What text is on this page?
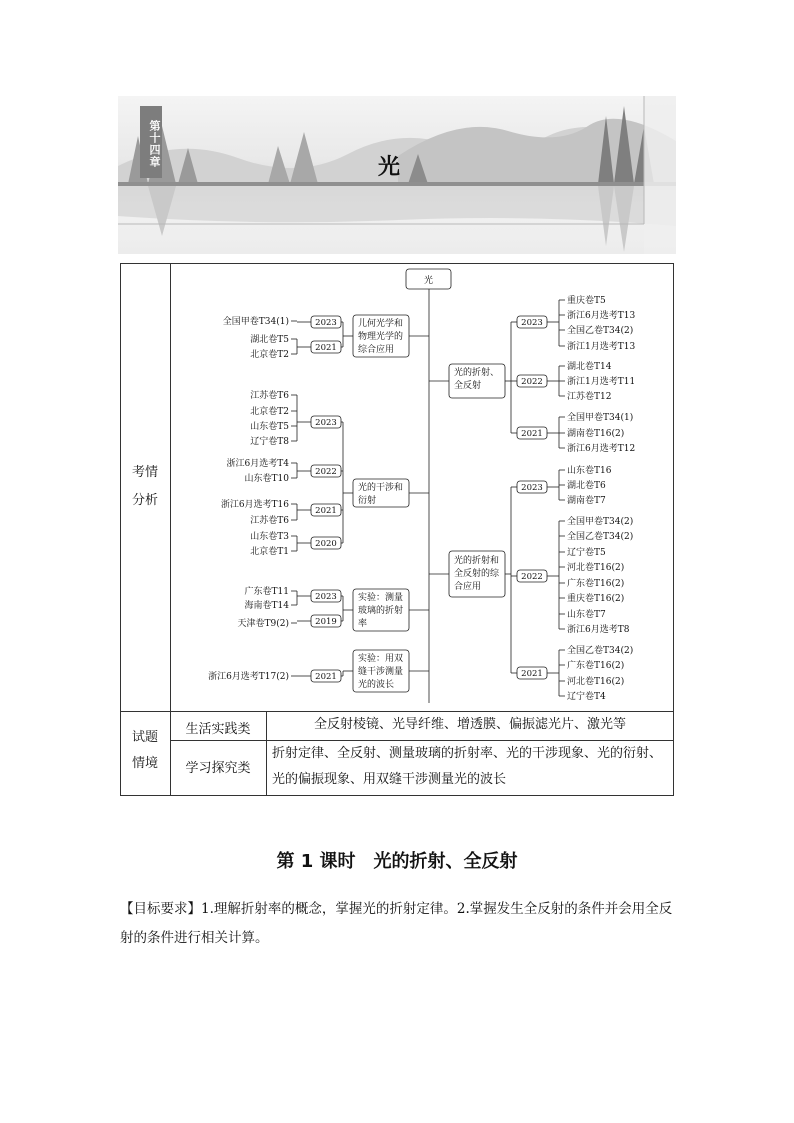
第十四章	光
考情
分析
试题
情境
生活实践类
学习探究类
全反射棱镜、光导纤维、增透膜、偏振滤光片、激光等
折射定律、全反射、测量玻璃的折射率、光的干涉现象、光的衍射、光的偏振现象、用双缝干涉测量光的波长
光
儿何光学和物理光学的综合应用
2023
全国甲卷T34(1)
2021
湖北卷T5
北京卷T2
光的干涉和衍射
2023
江苏卷T6
北京卷T2
山东卷T5
辽宁卷T8
2022
浙江6月选考T4
山东卷T10
2021
浙江6月选考T16
江苏卷T6
2020
山东卷T3
北京卷T1
实验：测量玻璃的折射率
2023
广东卷T11
海南卷T14
2019
天津卷T9(2)
实验：用双缝干涉测量光的波长
2021
浙江6月选考T17(2)
光的折射、全反射
2023
重庆卷T5
浙江6月选考T13
全国乙卷T34(2)
浙江1月选考T13
2022
湖北卷T14
浙江1月选考T11
江苏卷T12
2021
全国甲卷T34(1)
湖南卷T16(2)
浙江6月选考T12
光的折射和全反射的综合应用
2023
山东卷T16
湖北卷T6
湖南卷T7
2022
全国甲卷T34(2)
全国乙卷T34(2)
辽宁卷T5
河北卷T16(2)
广东卷T16(2)
重庆卷T16(2)
山东卷T7
浙江6月选考T8
2021
全国乙卷T34(2)
广东卷T16(2)
河北卷T16(2)
辽宁卷T4
第 1 课时　光的折射、全反射
【目标要求】1.理解折射率的概念，掌握光的折射定律。2.掌握发生全反射的条件并会用全反射的条件进行相关计算。
